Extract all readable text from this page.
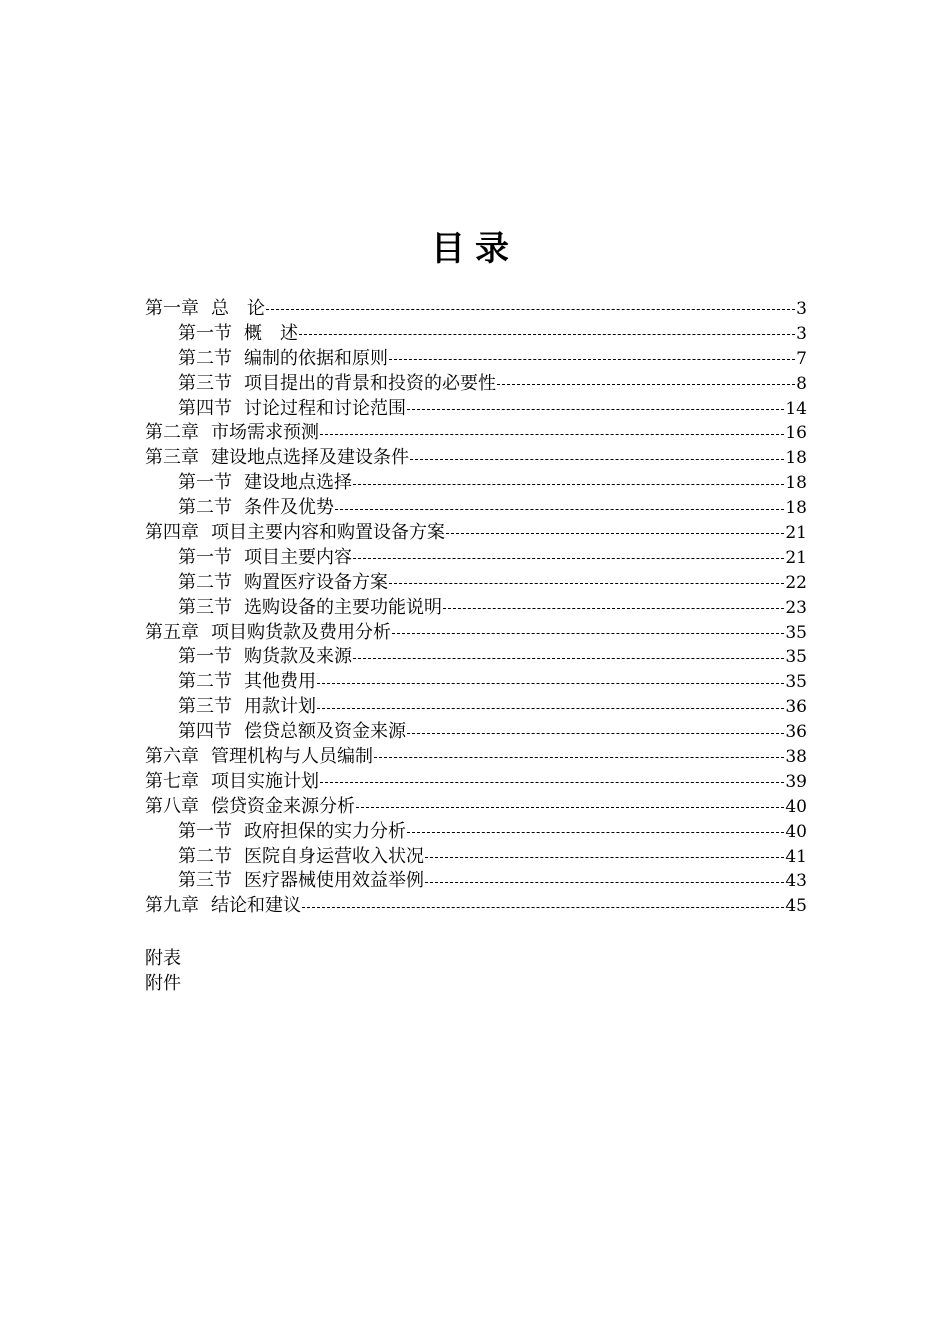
目录
第一章 总　论	3
第一节 概　述	3
第二节 编制的依据和原则	7
第三节 项目提出的背景和投资的必要性	8
第四节 讨论过程和讨论范围	14
第二章 市场需求预测	16
第三章 建设地点选择及建设条件	18
第一节 建设地点选择	18
第二节 条件及优势	18
第四章 项目主要内容和购置设备方案	21
第一节 项目主要内容	21
第二节 购置医疗设备方案	22
第三节 选购设备的主要功能说明	23
第五章 项目购货款及费用分析	35
第一节 购货款及来源	35
第二节 其他费用	35
第三节 用款计划	36
第四节 偿贷总额及资金来源	36
第六章 管理机构与人员编制	38
第七章 项目实施计划	39
第八章 偿贷资金来源分析	40
第一节 政府担保的实力分析	40
第二节 医院自身运营收入状况	41
第三节 医疗器械使用效益举例	43
第九章 结论和建议	45
附表
附件
